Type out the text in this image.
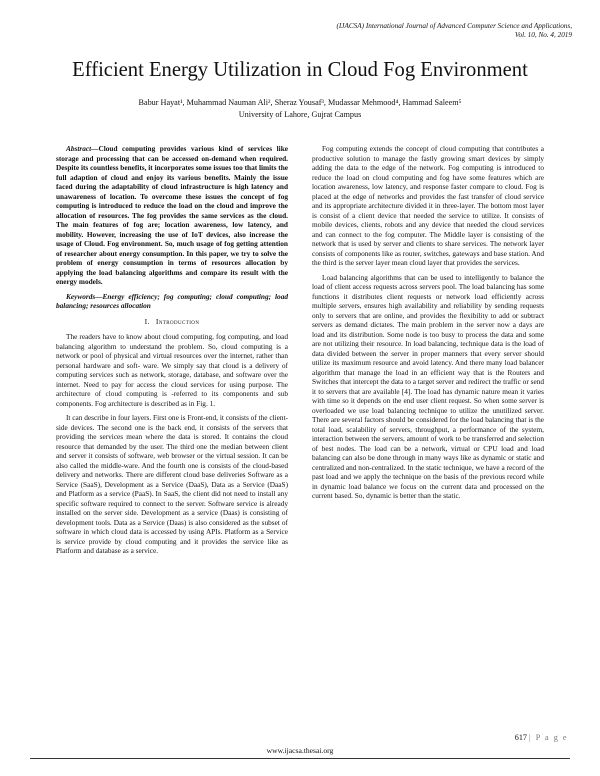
(IJACSA) International Journal of Advanced Computer Science and Applications,
Vol. 10, No. 4, 2019
Efficient Energy Utilization in Cloud Fog Environment
Babur Hayat¹, Muhammad Nauman Ali², Sheraz Yousaf³, Mudassar Mehmood⁴, Hammad Saleem⁵
University of Lahore, Gujrat Campus

Abstract—Cloud computing provides various kind of services like storage and processing that can be accessed on-demand when required. Despite its countless benefits, it incorporates some issues too that limits the full adaption of cloud and enjoy its various benefits. Mainly the issue faced during the adaptability of cloud infrastructure is high latency and unawareness of location. To overcome these issues the concept of fog computing is introduced to reduce the load on the cloud and improve the allocation of resources. The fog provides the same services as the cloud. The main features of fog are; location awareness, low latency, and mobility. However, increasing the use of IoT devices, also increase the usage of Cloud. Fog environment. So, much usage of fog getting attention of researcher about energy consumption. In this paper, we try to solve the problem of energy consumption in terms of resources allocation by applying the load balancing algorithms and compare its result with the energy models.

Keywords—Energy efficiency; fog computing; cloud computing; load balancing; resources allocation

I. Introduction

The readers have to know about cloud computing, fog computing, and load balancing algorithm to understand the problem. So, cloud computing is a network or pool of physical and virtual resources over the internet, rather than personal hardware and soft- ware. We simply say that cloud is a delivery of computing services such as network, storage, database, and software over the internet. Need to pay for access the cloud services for using purpose. The architecture of cloud computing is -referred to its components and sub components. Fog architecture is described as in Fig. 1.

It can describe in four layers. First one is Front-end, it consists of the client-side devices. The second one is the back end, it consists of the servers that providing the services mean where the data is stored. It contains the cloud resource that demanded by the user. The third one the median between client and server it consists of software, web browser or the virtual session. It can be also called the middle-ware. And the fourth one is consists of the cloud-based delivery and networks. There are different cloud base deliveries Software as a Service (SaaS), Development as a Service (DaaS), Data as a Service (DaaS) and Platform as a service (PaaS). In SaaS, the client did not need to install any specific software required to connect to the server. Software service is already installed on the server side. Development as a service (Daas) is consisting of development tools. Data as a Service (Daas) is also considered as the subset of software in which cloud data is accessed by using APIs. Platform as a Service is service provide by cloud computing and it provides the service like as Platform and database as a service.

Fog computing extends the concept of cloud computing that contributes a productive solution to manage the fastly growing smart devices by simply adding the data to the edge of the network. Fog computing is introduced to reduce the load on cloud computing and fog have some features which are location awareness, low latency, and response faster compare to cloud. Fog is placed at the edge of networks and provides the fast transfer of cloud service and its appropriate architecture divided it in three-layer. The bottom most layer is consist of a client device that needed the service to utilize. It consists of mobile devices, clients, robots and any device that needed the cloud services and can connect to the fog computer. The Middle layer is consisting of the network that is used by server and clients to share services. The network layer consists of components like as router, switches, gateways and base station. And the third is the server layer mean cloud layer that provides the services.

Load balancing algorithms that can be used to intelligently to balance the load of client access requests across servers pool. The load balancing has some functions it distributes client requests or network load efficiently across multiple servers, ensures high availability and reliability by sending requests only to servers that are online, and provides the flexibility to add or subtract servers as demand dictates. The main problem in the server now a days are load and its distribution. Some node is too busy to process the data and some are not utilizing their resource. In load balancing, technique data is the load of data divided between the server in proper manners that every server should utilize its maximum resource and avoid latency. And there many load balancer algorithm that manage the load in an efficient way that is the Routers and Switches that intercept the data to a target server and redirect the traffic or send it to servers that are available [4]. The load has dynamic nature mean it varies with time so it depends on the end user client request. So when some server is overloaded we use load balancing technique to utilize the unutilized server. There are several factors should be considered for the load balancing that is the total load, scalability of servers, throughput, a performance of the system, interaction between the servers, amount of work to be transferred and selection of best nodes. The load can be a network, virtual or CPU load and load balancing can also be done through in many ways like as dynamic or static and centralized and non-centralized. In the static technique, we have a record of the past load and we apply the technique on the basis of the previous record while in dynamic load balance we focus on the current data and processed on the current based. So, dynamic is better than the static.

617 | P a g e
www.ijacsa.thesai.org
